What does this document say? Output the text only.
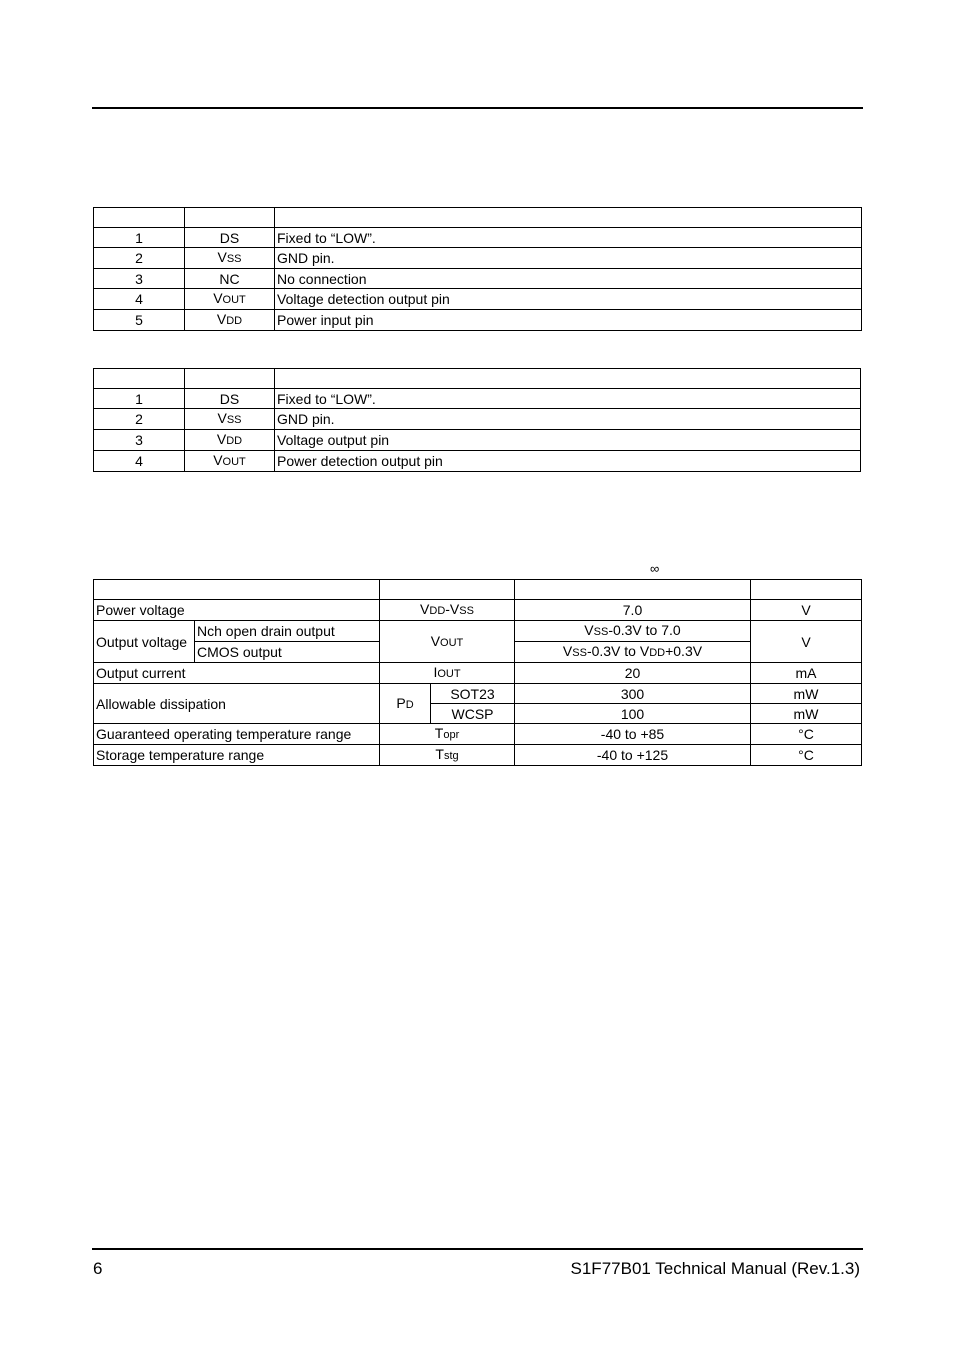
1	DS	Fixed to “LOW”.
2	VSS	GND pin.
3	NC	No connection
4	VOUT	Voltage detection output pin
5	VDD	Power input pin

1	DS	Fixed to “LOW”.
2	VSS	GND pin.
3	VDD	Voltage output pin
4	VOUT	Power detection output pin
∞

Power voltage		VDD-VSS		7.0	V
Output voltage	Nch open drain output	VOUT		VSS-0.3V to 7.0	V
	CMOS output			VSS-0.3V to VDD+0.3V	
Output current		IOUT		20	mA
Allowable dissipation		PD	SOT23	300	mW
			WCSP	100	mW
Guaranteed operating temperature range		Topr		-40 to +85	°C
Storage temperature range		Tstg		-40 to +125	°C
6	S1F77B01 Technical Manual (Rev.1.3)
